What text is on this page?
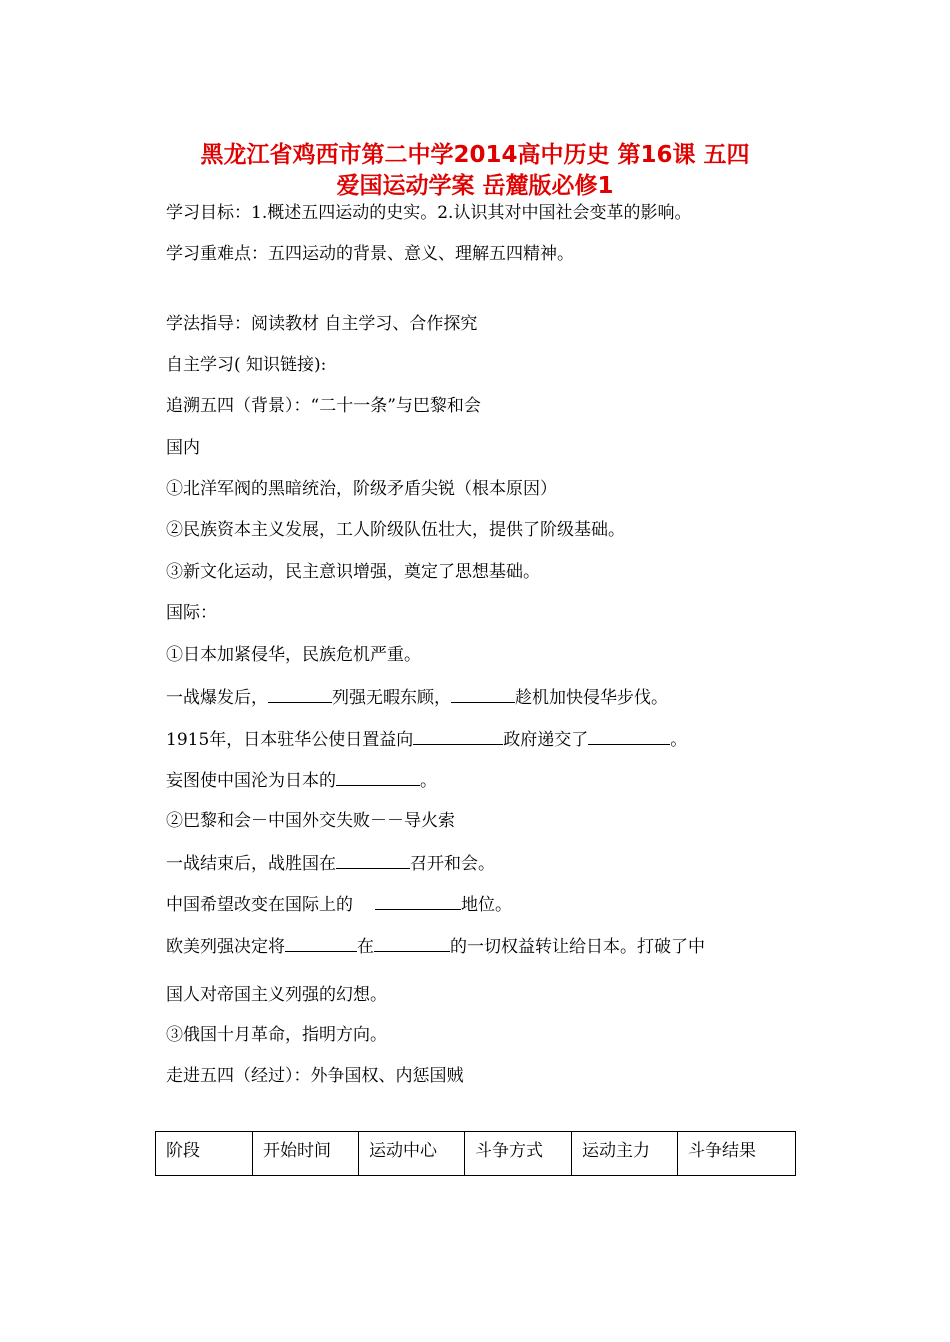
黑龙江省鸡西市第二中学2014高中历史 第16课 五四
爱国运动学案 岳麓版必修1
学习目标：1.概述五四运动的史实。2.认识其对中国社会变革的影响。
学习重难点：五四运动的背景、意义、理解五四精神。
学法指导：阅读教材 自主学习、合作探究
自主学习( 知识链接):
追溯五四（背景）：“二十一条”与巴黎和会
国内
①北洋军阀的黑暗统治，阶级矛盾尖锐（根本原因）
②民族资本主义发展，工人阶级队伍壮大，提供了阶级基础。
③新文化运动，民主意识增强，奠定了思想基础。
国际：
①日本加紧侵华，民族危机严重。
一战爆发后，	列强无暇东顾，	趁机加快侵华步伐。
1915年，日本驻华公使日置益向	政府递交了	。
妄图使中国沦为日本的	。
②巴黎和会－中国外交失败－－导火索
一战结束后，战胜国在	召开和会。
中国希望改变在国际上的	地位。
欧美列强决定将	在	的一切权益转让给日本。打破了中
国人对帝国主义列强的幻想。
③俄国十月革命，指明方向。
走进五四（经过）：外争国权、内惩国贼
阶段	开始时间	运动中心	斗争方式	运动主力	斗争结果
